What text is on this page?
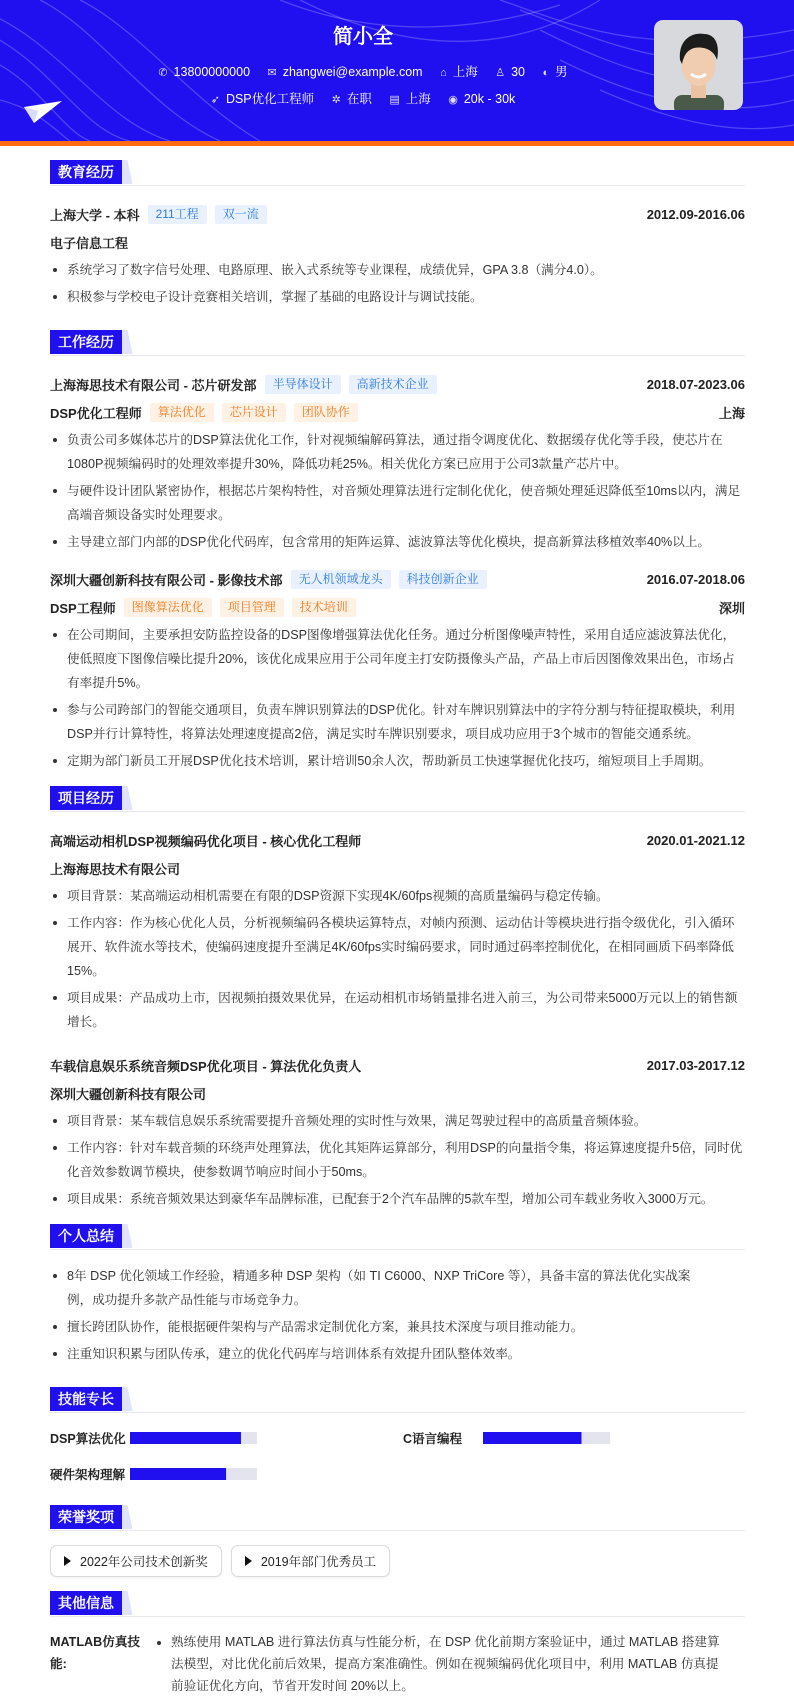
简小全
✆ 13800000000 ✉ zhangwei@example.com ⌂ 上海 ♙ 30 ◐ 男
➶ DSP优化工程师 ✲ 在职 ▤ 上海 ◉ 20k - 30k
教育经历
上海大学 - 本科	211工程	双一流	2012.09-2016.06
电子信息工程
系统学习了数字信号处理、电路原理、嵌入式系统等专业课程，成绩优异，GPA 3.8（满分4.0）。
积极参与学校电子设计竞赛相关培训，掌握了基础的电路设计与调试技能。
工作经历
上海海思技术有限公司 - 芯片研发部	半导体设计	高新技术企业	2018.07-2023.06
DSP优化工程师	算法优化	芯片设计	团队协作	上海
负责公司多媒体芯片的DSP算法优化工作，针对视频编解码算法，通过指令调度优化、数据缓存优化等手段，使芯片在1080P视频编码时的处理效率提升30%，降低功耗25%。相关优化方案已应用于公司3款量产芯片中。
与硬件设计团队紧密协作，根据芯片架构特性，对音频处理算法进行定制化优化，使音频处理延迟降低至10ms以内，满足高端音频设备实时处理要求。
主导建立部门内部的DSP优化代码库，包含常用的矩阵运算、滤波算法等优化模块，提高新算法移植效率40%以上。
深圳大疆创新科技有限公司 - 影像技术部	无人机领域龙头	科技创新企业	2016.07-2018.06
DSP工程师	图像算法优化	项目管理	技术培训	深圳
在公司期间，主要承担安防监控设备的DSP图像增强算法优化任务。通过分析图像噪声特性，采用自适应滤波算法优化，使低照度下图像信噪比提升20%，该优化成果应用于公司年度主打安防摄像头产品，产品上市后因图像效果出色，市场占有率提升5%。
参与公司跨部门的智能交通项目，负责车牌识别算法的DSP优化。针对车牌识别算法中的字符分割与特征提取模块，利用DSP并行计算特性，将算法处理速度提高2倍，满足实时车牌识别要求，项目成功应用于3个城市的智能交通系统。
定期为部门新员工开展DSP优化技术培训，累计培训50余人次，帮助新员工快速掌握优化技巧，缩短项目上手周期。
项目经历
高端运动相机DSP视频编码优化项目 - 核心优化工程师	2020.01-2021.12
上海海思技术有限公司
项目背景：某高端运动相机需要在有限的DSP资源下实现4K/60fps视频的高质量编码与稳定传输。
工作内容：作为核心优化人员，分析视频编码各模块运算特点，对帧内预测、运动估计等模块进行指令级优化，引入循环展开、软件流水等技术，使编码速度提升至满足4K/60fps实时编码要求，同时通过码率控制优化，在相同画质下码率降低15%。
项目成果：产品成功上市，因视频拍摄效果优异，在运动相机市场销量排名进入前三，为公司带来5000万元以上的销售额增长。
车载信息娱乐系统音频DSP优化项目 - 算法优化负责人	2017.03-2017.12
深圳大疆创新科技有限公司
项目背景：某车载信息娱乐系统需要提升音频处理的实时性与效果，满足驾驶过程中的高质量音频体验。
工作内容：针对车载音频的环绕声处理算法，优化其矩阵运算部分，利用DSP的向量指令集，将运算速度提升5倍，同时优化音效参数调节模块，使参数调节响应时间小于50ms。
项目成果：系统音频效果达到豪华车品牌标准，已配套于2个汽车品牌的5款车型，增加公司车载业务收入3000万元。
个人总结
8年 DSP 优化领域工作经验，精通多种 DSP 架构（如 TI C6000、NXP TriCore 等），具备丰富的算法优化实战案例，成功提升多款产品性能与市场竞争力。
擅长跨团队协作，能根据硬件架构与产品需求定制优化方案，兼具技术深度与项目推动能力。
注重知识积累与团队传承，建立的优化代码库与培训体系有效提升团队整体效率。
技能专长
DSP算法优化	C语言编程
硬件架构理解
荣誉奖项
2022年公司技术创新奖	2019年部门优秀员工
其他信息
MATLAB仿真技能:
熟练使用 MATLAB 进行算法仿真与性能分析，在 DSP 优化前期方案验证中，通过 MATLAB 搭建算法模型，对比优化前后效果，提高方案准确性。例如在视频编码优化项目中，利用 MATLAB 仿真提前验证优化方向，节省开发时间 20%以上。
